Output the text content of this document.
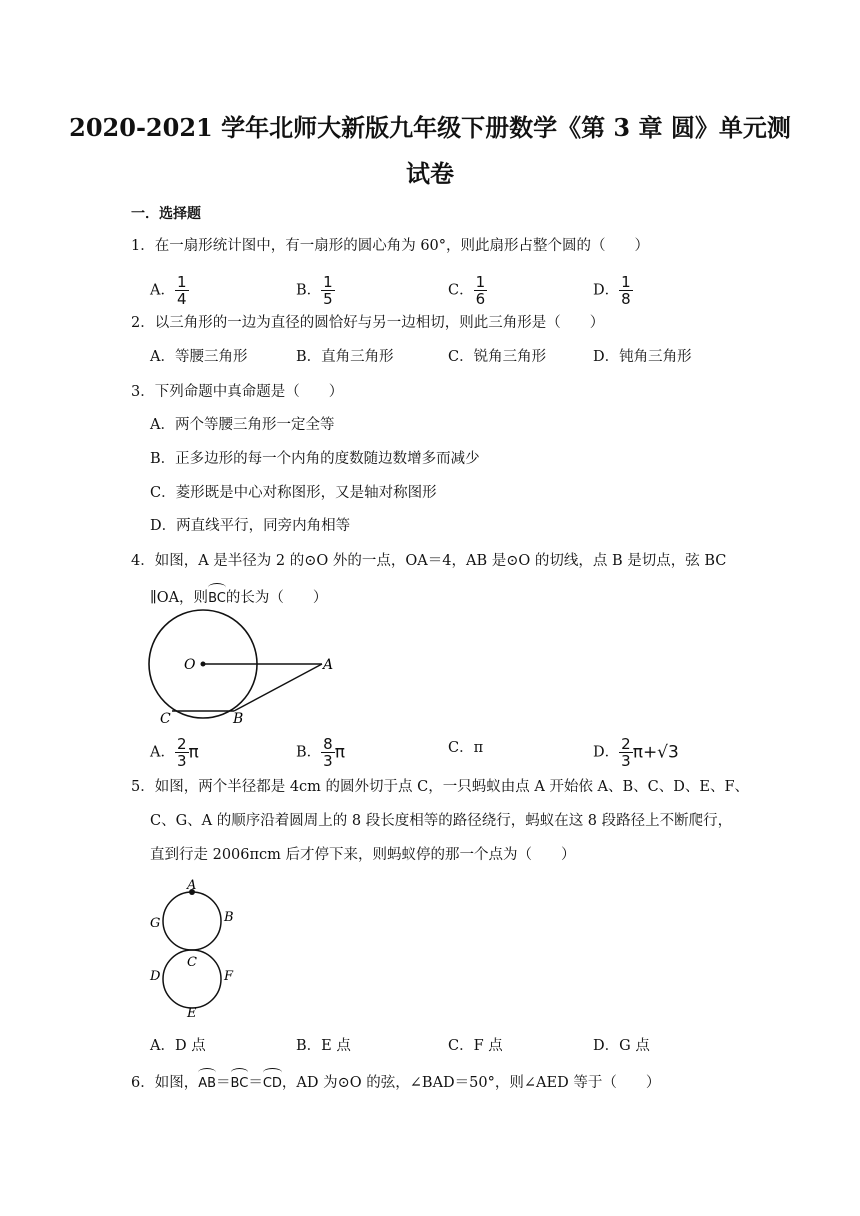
2020-2021 学年北师大新版九年级下册数学《第 3 章 圆》单元测
试卷
一．选择题
1．在一扇形统计图中，有一扇形的圆心角为 60°，则此扇形占整个圆的（　　）
A． $\frac{1}{4}$	B． $\frac{1}{5}$	C． $\frac{1}{6}$	D． $\frac{1}{8}$
2．以三角形的一边为直径的圆恰好与另一边相切，则此三角形是（　　）
A．等腰三角形	B．直角三角形	C．锐角三角形	D．钝角三角形
3．下列命题中真命题是（　　）
A．两个等腰三角形一定全等
B．正多边形的每一个内角的度数随边数增多而减少
C．菱形既是中心对称图形，又是轴对称图形
D．两直线平行，同旁内角相等
4．如图，A 是半径为 2 的⊙O 外的一点，OA＝4，AB 是⊙O 的切线，点 B 是切点，弦 BC
∥OA，则BC的长为（　　）
O	A
B
C
A． $\frac{2}{3}$ π	B． $\frac{8}{3}$ π	C．π	D． $\frac{2}{3} \pi+√3$
5．如图，两个半径都是 4cm 的圆外切于点 C，一只蚂蚁由点 A 开始依 A、B、C、D、E、F、
C、G、A 的顺序沿着圆周上的 8 段长度相等的路径绕行，蚂蚁在这 8 段路径上不断爬行，
直到行走 2006πcm 后才停下来，则蚂蚁停的那一个点为（　　）
A
B
C
D
E
F
G
A．D 点	B．E 点	C．F 点	D．G 点
6．如图，AB＝BC＝CD，AD 为⊙O 的弦，∠BAD＝50°，则∠AED 等于（　　）
